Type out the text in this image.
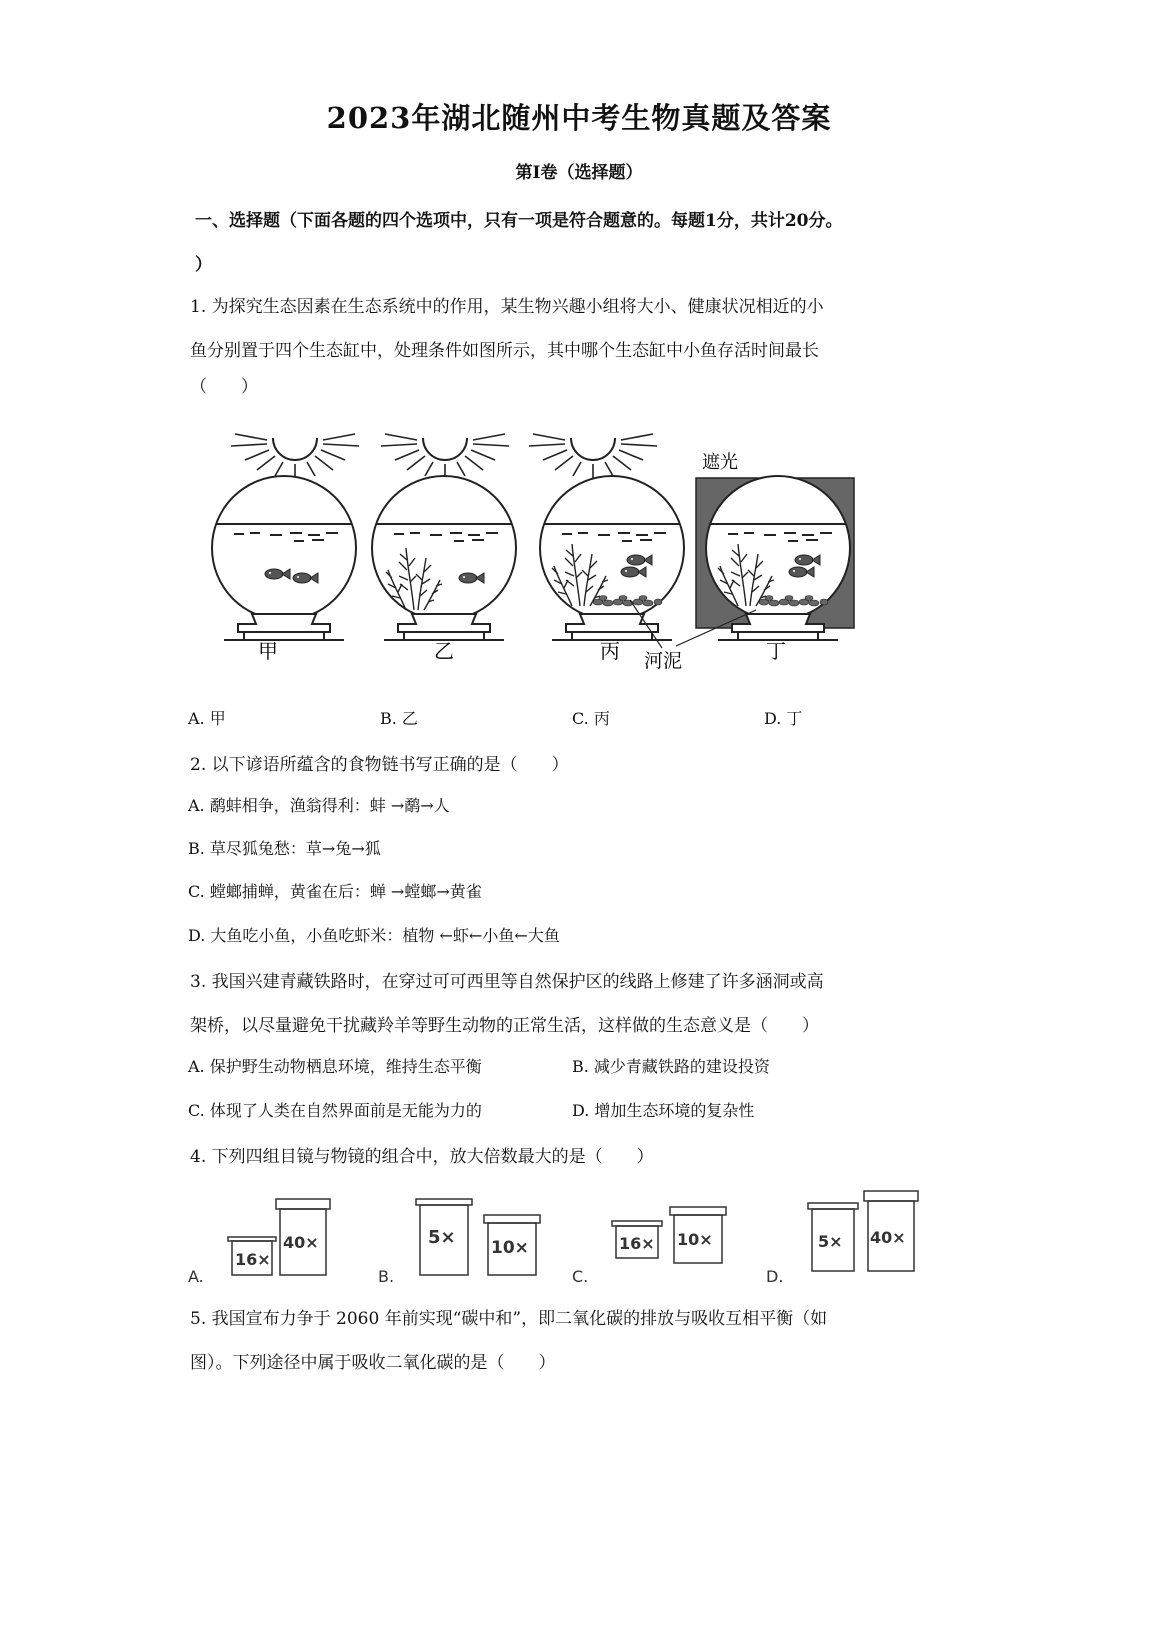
2023年湖北随州中考生物真题及答案
第Ⅰ卷（选择题）
一、选择题（下面各题的四个选项中，只有一项是符合题意的。每题1分，共计20分。
）
1. 为探究生态因素在生态系统中的作用，某生物兴趣小组将大小、健康状况相近的小
鱼分别置于四个生态缸中，处理条件如图所示，其中哪个生态缸中小鱼存活时间最长
（　　）
遮光
河泥
甲	乙	丙	丁
A. 甲	B. 乙	C. 丙	D. 丁
2. 以下谚语所蕴含的食物链书写正确的是（　　）
A. 鹬蚌相争，渔翁得利：蚌 →鹬→人
B. 草尽狐兔愁：草→兔→狐
C. 螳螂捕蝉，黄雀在后：蝉 →螳螂→黄雀
D. 大鱼吃小鱼，小鱼吃虾米：植物 ←虾←小鱼←大鱼
3. 我国兴建青藏铁路时，在穿过可可西里等自然保护区的线路上修建了许多涵洞或高
架桥，以尽量避免干扰藏羚羊等野生动物的正常生活，这样做的生态意义是（　　）
A. 保护野生动物栖息环境，维持生态平衡	B. 减少青藏铁路的建设投资
C. 体现了人类在自然界面前是无能为力的	D. 增加生态环境的复杂性
4. 下列四组目镜与物镜的组合中，放大倍数最大的是（　　）
A.
16×
40×
B.
5× 10×
C.
16× 10×
D.
5× 40×
5. 我国宣布力争于 2060 年前实现“碳中和”，即二氧化碳的排放与吸收互相平衡（如
图）。下列途径中属于吸收二氧化碳的是（　　）
